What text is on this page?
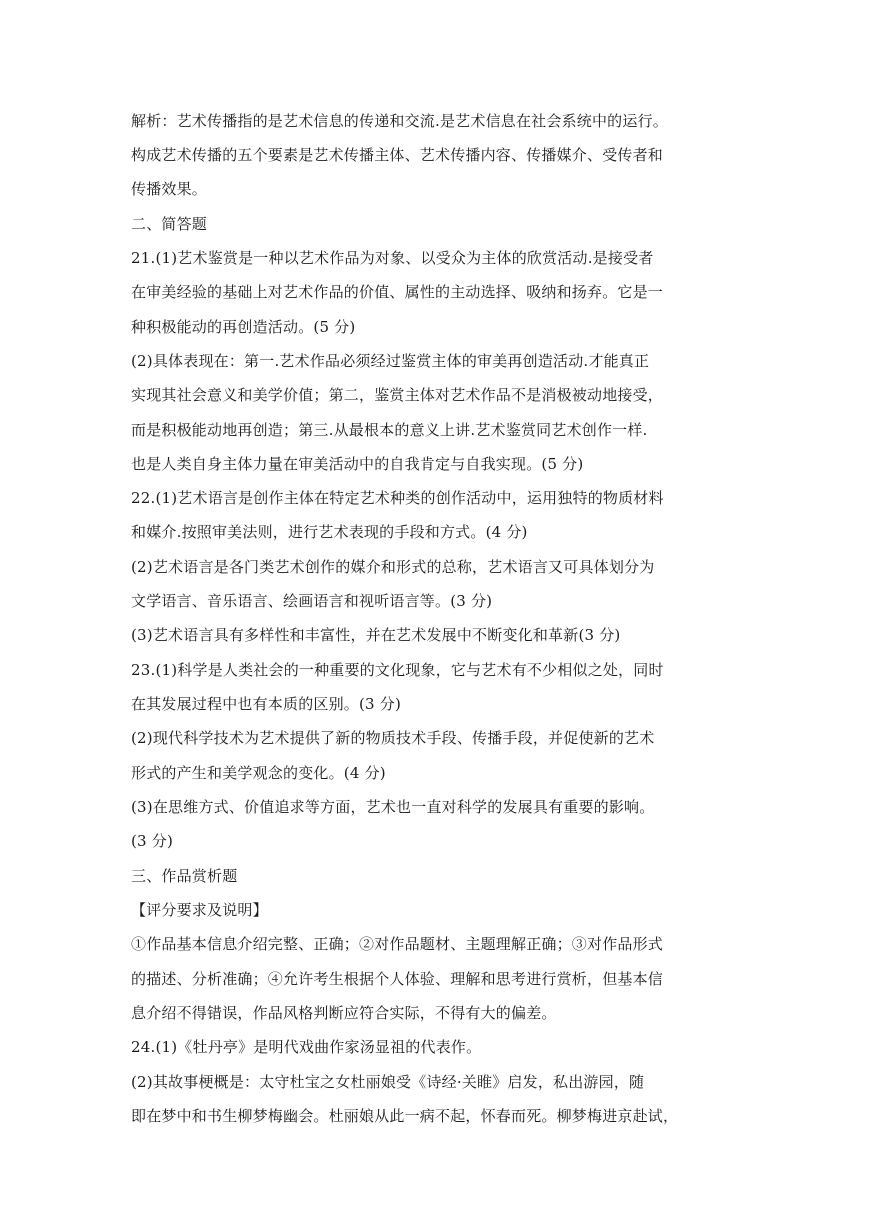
解析：艺术传播指的是艺术信息的传递和交流.是艺术信息在社会系统中的运行。
构成艺术传播的五个要素是艺术传播主体、艺术传播内容、传播媒介、受传者和
传播效果。
二、简答题
21.(1)艺术鉴赏是一种以艺术作品为对象、以受众为主体的欣赏活动.是接受者
在审美经验的基础上对艺术作品的价值、属性的主动选择、吸纳和扬弃。它是一
种积极能动的再创造活动。(5 分)
(2)具体表现在：第一.艺术作品必须经过鉴赏主体的审美再创造活动.才能真正
实现其社会意义和美学价值；第二，鉴赏主体对艺术作品不是消极被动地接受，
而是积极能动地再创造；第三.从最根本的意义上讲.艺术鉴赏同艺术创作一样.
也是人类自身主体力量在审美活动中的自我肯定与自我实现。(5 分)
22.(1)艺术语言是创作主体在特定艺术种类的创作活动中，运用独特的物质材料
和媒介.按照审美法则，进行艺术表现的手段和方式。(4 分)
(2)艺术语言是各门类艺术创作的媒介和形式的总称，艺术语言又可具体划分为
文学语言、音乐语言、绘画语言和视听语言等。(3 分)
(3)艺术语言具有多样性和丰富性，并在艺术发展中不断变化和革新(3 分)
23.(1)科学是人类社会的一种重要的文化现象，它与艺术有不少相似之处，同时
在其发展过程中也有本质的区别。(3 分)
(2)现代科学技术为艺术提供了新的物质技术手段、传播手段，并促使新的艺术
形式的产生和美学观念的变化。(4 分)
(3)在思维方式、价值追求等方面，艺术也一直对科学的发展具有重要的影响。
(3 分)
三、作品赏析题
【评分要求及说明】
①作品基本信息介绍完整、正确；②对作品题材、主题理解正确；③对作品形式
的描述、分析准确；④允许考生根据个人体验、理解和思考进行赏析，但基本信
息介绍不得错误，作品风格判断应符合实际，不得有大的偏差。
24.(1)《牡丹亭》是明代戏曲作家汤显祖的代表作。
(2)其故事梗概是：太守杜宝之女杜丽娘受《诗经·关睢》启发，私出游园，随
即在梦中和书生柳梦梅幽会。杜丽娘从此一病不起，怀春而死。柳梦梅进京赴试，
